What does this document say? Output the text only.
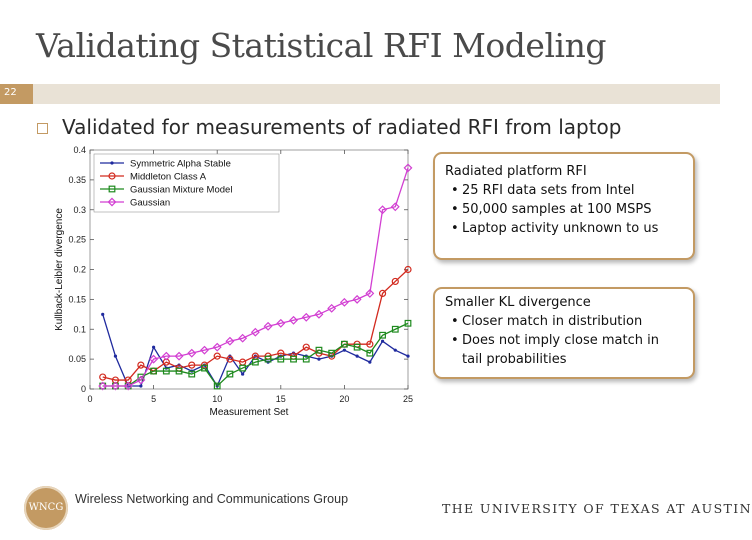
Validating Statistical RFI Modeling
22
Validated for measurements of radiated RFI from laptop
0	5	10	15	20	25
0
0.05
0.1
0.15
0.2
0.25
0.3
0.35
0.4
Measurement Set
Kullback-Leibler divergence
Symmetric Alpha Stable
Middleton Class A
Gaussian Mixture Model
Gaussian
Radiated platform RFI
• 25 RFI data sets from Intel
• 50,000 samples at 100 MSPS
• Laptop activity unknown to us
Smaller KL divergence
• Closer match in distribution
• Does not imply close match in tail probabilities
WNCG
Wireless Networking and Communications Group
THE UNIVERSITY OF TEXAS AT AUSTIN
